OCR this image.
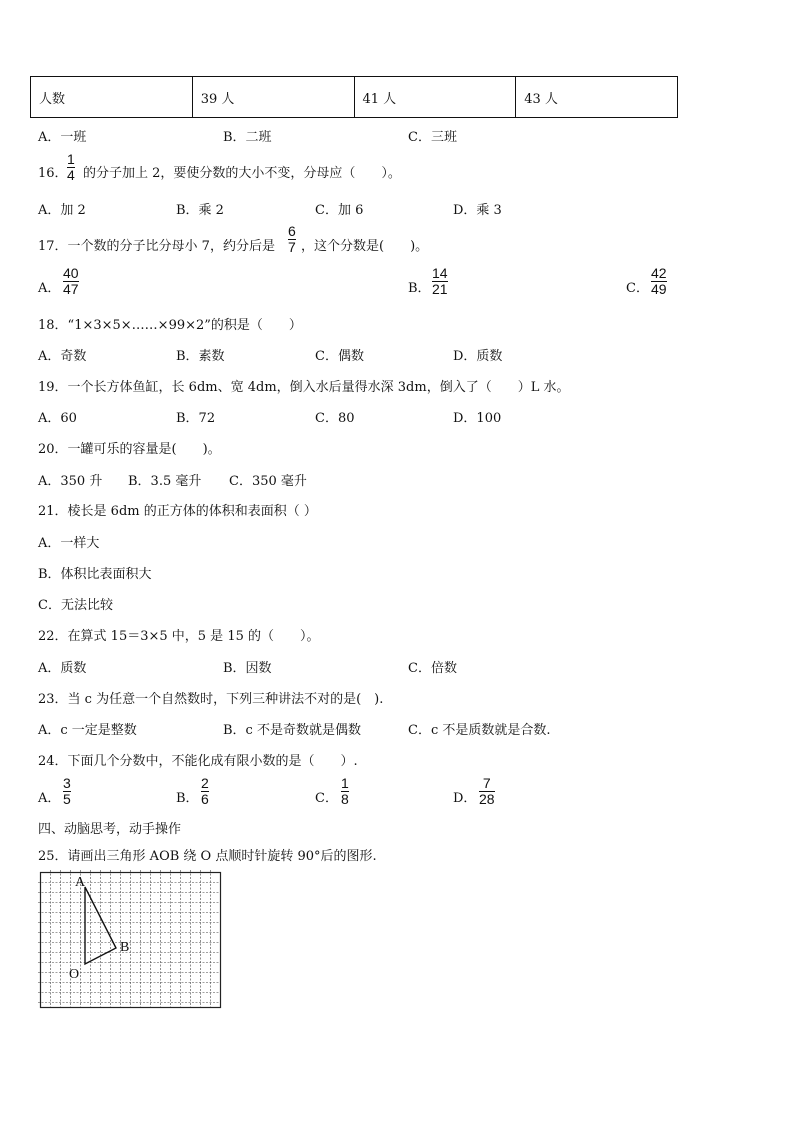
人数	39 人	41 人	43 人
A．一班	B．二班	C．三班
16．
1
4 的分子加上 2，要使分数的大小不变，分母应（　　）。
A．加 2	B．乘 2	C．加 6	D．乘 3
17．一个数的分子比分母小 7，约分后是
6
7 ，这个分数是(　　)。
A．
40
47	B．
14
21	C．
42
49
18．“1×3×5×……×99×2”的积是（　　）
A．奇数	B．素数	C．偶数	D．质数
19．一个长方体鱼缸，长 6dm、宽 4dm，倒入水后量得水深 3dm，倒入了（　　）L 水。
A．60	B．72	C．80	D．100
20．一罐可乐的容量是(　　)。
A．350 升 B．3.5 毫升 C．350 毫升
21．棱长是 6dm 的正方体的体积和表面积（ ）
A．一样大
B．体积比表面积大
C．无法比较
22．在算式 15＝3×5 中，5 是 15 的（　　）。
A．质数	B．因数	C．倍数
23．当 c 为任意一个自然数时，下列三种讲法不对的是(　).
A．c 一定是整数	B．c 不是奇数就是偶数	C．c 不是质数就是合数.
24．下面几个分数中，不能化成有限小数的是（　　）.
A．
3
5	B．
2
6	C．
1
8	D．
7
28
四、动脑思考，动手操作
25．请画出三角形 AOB 绕 O 点顺时针旋转 90°后的图形.
A
B
O
